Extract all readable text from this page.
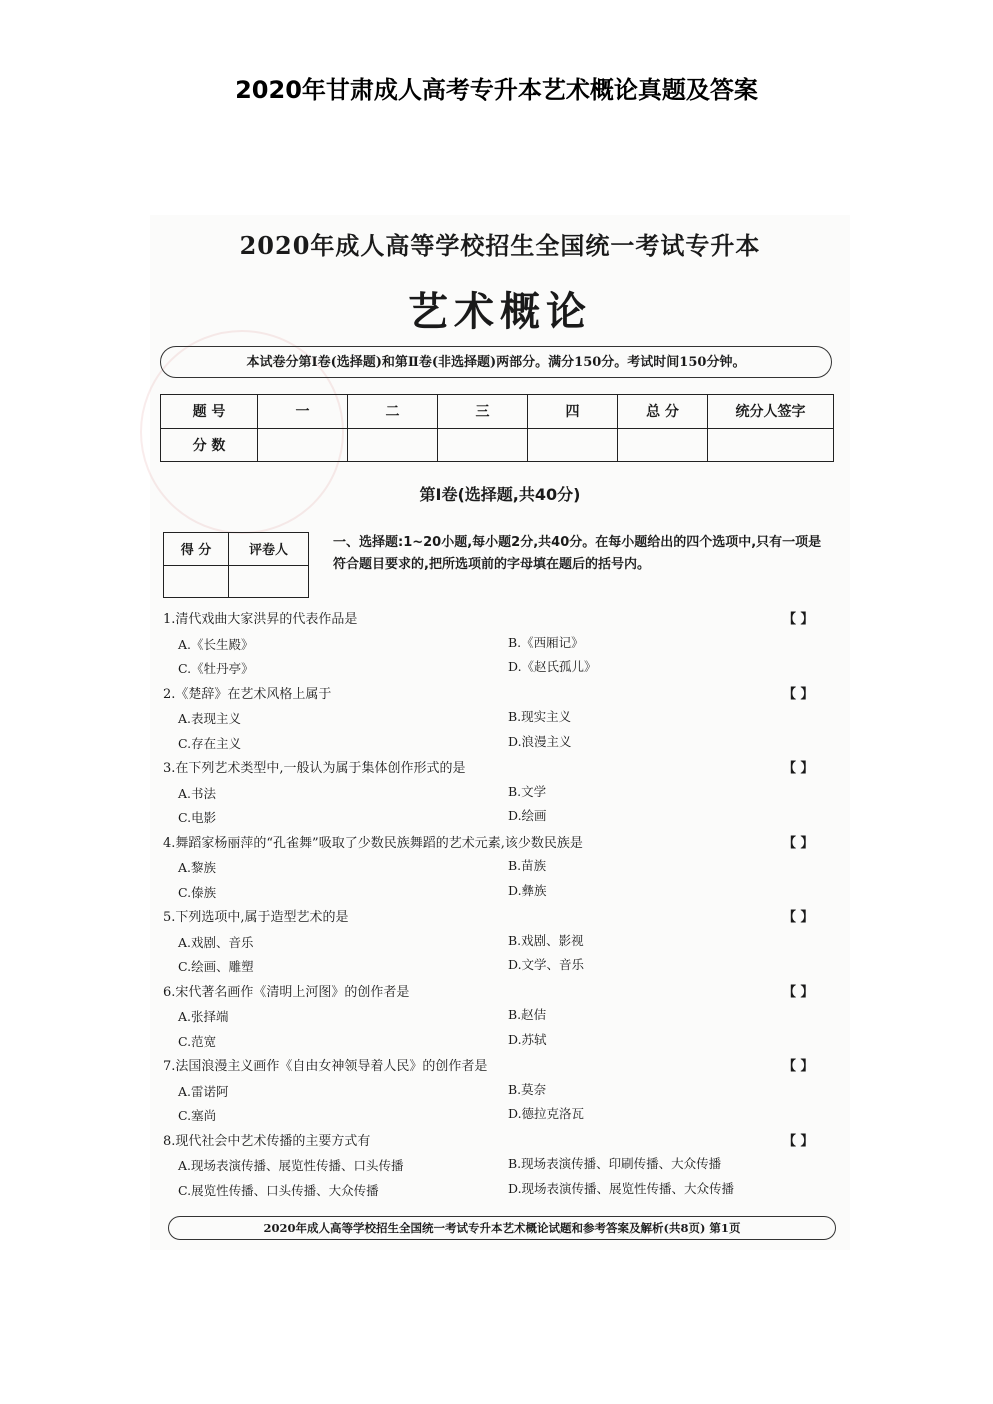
2020年甘肃成人高考专升本艺术概论真题及答案
2020年成人高等学校招生全国统一考试专升本
艺术概论
本试卷分第Ⅰ卷(选择题)和第Ⅱ卷(非选择题)两部分。满分150分。考试时间150分钟。
题 号	一	二	三	四	总 分	统分人签字
分 数						
第Ⅰ卷(选择题,共40分)
得 分	评卷人

一、选择题:1~20小题,每小题2分,共40分。在每小题给出的四个选项中,只有一项是符合题目要求的,把所选项前的字母填在题后的括号内。
1.清代戏曲大家洪昇的代表作品是	【 】
A.《长生殿》	B.《西厢记》
C.《牡丹亭》	D.《赵氏孤儿》
2.《楚辞》在艺术风格上属于	【 】
A.表现主义	B.现实主义
C.存在主义	D.浪漫主义
3.在下列艺术类型中,一般认为属于集体创作形式的是	【 】
A.书法	B.文学
C.电影	D.绘画
4.舞蹈家杨丽萍的“孔雀舞”吸取了少数民族舞蹈的艺术元素,该少数民族是	【 】
A.黎族	B.苗族
C.傣族	D.彝族
5.下列选项中,属于造型艺术的是	【 】
A.戏剧、音乐	B.戏剧、影视
C.绘画、雕塑	D.文学、音乐
6.宋代著名画作《清明上河图》的创作者是	【 】
A.张择端	B.赵佶
C.范宽	D.苏轼
7.法国浪漫主义画作《自由女神领导着人民》的创作者是	【 】
A.雷诺阿	B.莫奈
C.塞尚	D.德拉克洛瓦
8.现代社会中艺术传播的主要方式有	【 】
A.现场表演传播、展览性传播、口头传播	B.现场表演传播、印刷传播、大众传播
C.展览性传播、口头传播、大众传播	D.现场表演传播、展览性传播、大众传播
2020年成人高等学校招生全国统一考试专升本艺术概论试题和参考答案及解析(共8页) 第1页
